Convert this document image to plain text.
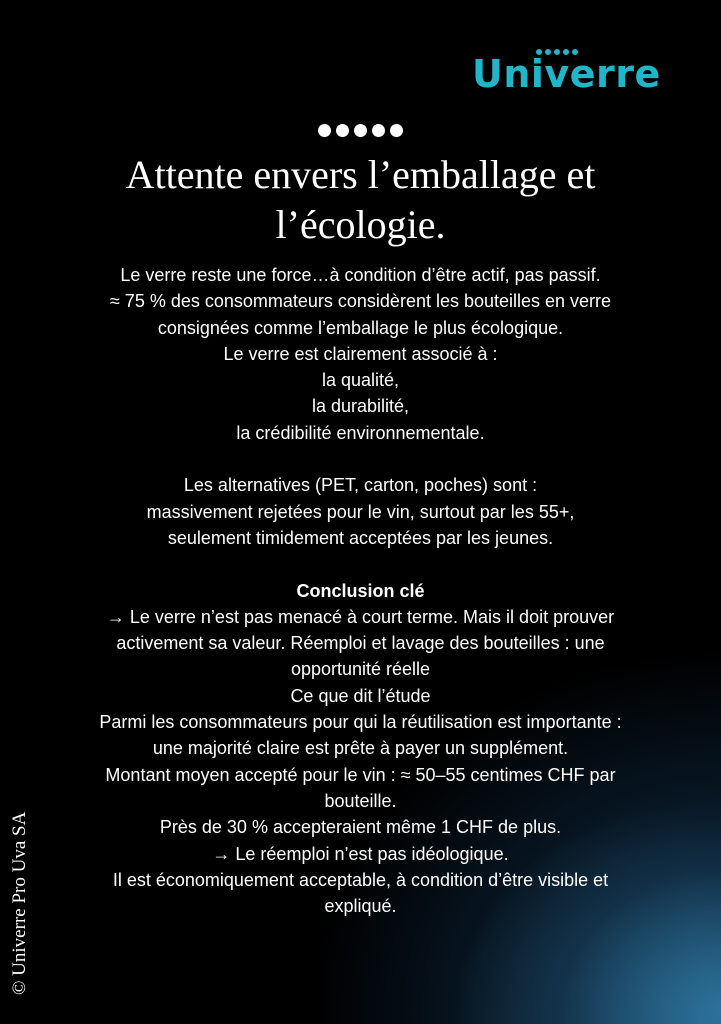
Univerre
Attente envers l’emballage et
l’écologie.
Le verre reste une force…à condition d’être actif, pas passif.
≈ 75 % des consommateurs considèrent les bouteilles en verre
consignées comme l’emballage le plus écologique.
Le verre est clairement associé à :
la qualité,
la durabilité,
la crédibilité environnementale.
Les alternatives (PET, carton, poches) sont :
massivement rejetées pour le vin, surtout par les 55+,
seulement timidement acceptées par les jeunes.
Conclusion clé
→ Le verre n’est pas menacé à court terme. Mais il doit prouver
activement sa valeur. Réemploi et lavage des bouteilles : une
opportunité réelle
Ce que dit l’étude
Parmi les consommateurs pour qui la réutilisation est importante :
une majorité claire est prête à payer un supplément.
Montant moyen accepté pour le vin : ≈ 50–55 centimes CHF par
bouteille.
Près de 30 % accepteraient même 1 CHF de plus.
→ Le réemploi n’est pas idéologique.
Il est économiquement acceptable, à condition d’être visible et
expliqué.
© Univerre Pro Uva SA
